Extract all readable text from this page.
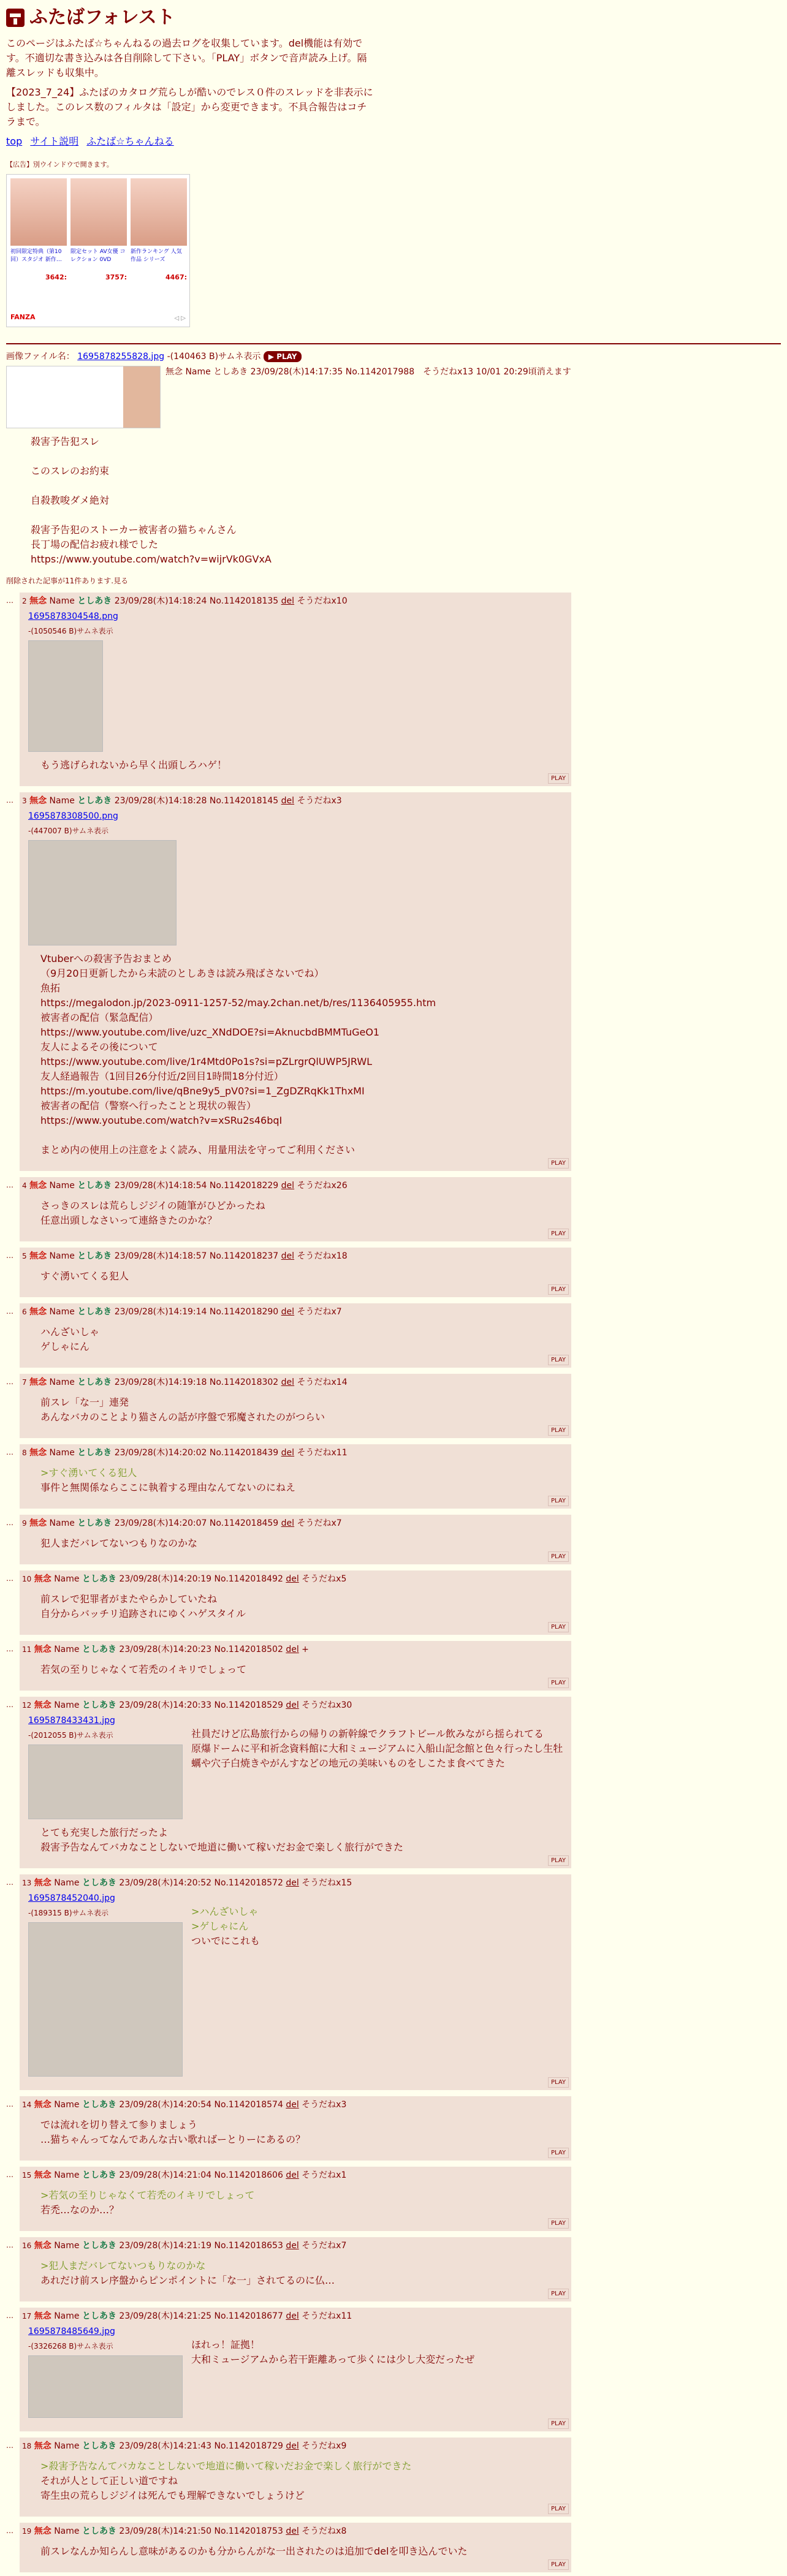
ふたばフォレスト

このページはふたば☆ちゃんねるの過去ログを収集しています。del機能は有効です。不適切な書き込みは各自削除して下さい。「PLAY」ボタンで音声読み上げ。隔離スレッドも収集中。

【2023_7_24】ふたばのカタログ荒らしが酷いのでレス０件のスレッドを非表示にしました。このレス数のフィルタは「設定」から変更できます。不具合報告はコチラまで。

top サイト説明 ふたば☆ちゃんねる
【広告】別ウインドウで開きます。
初回限定特典（第10回）スタジオ 新作…
3642:
限定セット AV女優 コレクション 0VD
3757:
新作ランキング 人気作品 シリーズ
4467:
FANZA	◁ ▷
画像ファイル名： 1695878255828.jpg -(140463 B)サムネ表示 ▶ PLAY
無念 Name としあき 23/09/28(木)14:17:35 No.1142017988　そうだねx13 10/01 20:29頃消えます
殺害予告犯スレ

このスレのお約束

自殺教唆ダメ絶対

殺害予告犯のストーカー被害者の猫ちゃんさん
長丁場の配信お疲れ様でした
https://www.youtube.com/watch?v=wijrVk0GVxA
削除された記事が11件あります.見る
…	2 無念 Name としあき 23/09/28(木)14:18:24 No.1142018135 del そうだねx10
1695878304548.png
-(1050546 B)サムネ表示
もう逃げられないから早く出頭しろハゲ！
PLAY
…	3 無念 Name としあき 23/09/28(木)14:18:28 No.1142018145 del そうだねx3
1695878308500.png
-(447007 B)サムネ表示
Vtuberへの殺害予告おまとめ
（9月20日更新したから未読のとしあきは読み飛ばさないでね）
魚拓
https://megalodon.jp/2023-0911-1257-52/may.2chan.net/b/res/1136405955.htm
被害者の配信（緊急配信）
https://www.youtube.com/live/uzc_XNdDOE?si=AknucbdBMMTuGeO1
友人によるその後について
https://www.youtube.com/live/1r4Mtd0Po1s?si=pZLrgrQlUWP5JRWL
友人経過報告（1回目26分付近/2回目1時間18分付近）
https://m.youtube.com/live/qBne9y5_pV0?si=1_ZgDZRqKk1ThxMI
被害者の配信（警察へ行ったことと現状の報告）
https://www.youtube.com/watch?v=xSRu2s46bqI

まとめ内の使用上の注意をよく読み、用量用法を守ってご利用ください
PLAY
…	4 無念 Name としあき 23/09/28(木)14:18:54 No.1142018229 del そうだねx26
さっきのスレは荒らしジジイの随筆がひどかったね
任意出頭しなさいって連絡きたのかな？
PLAY
…	5 無念 Name としあき 23/09/28(木)14:18:57 No.1142018237 del そうだねx18
すぐ湧いてくる犯人
PLAY
…	6 無念 Name としあき 23/09/28(木)14:19:14 No.1142018290 del そうだねx7
ハんざいしゃ
ゲしゃにん
PLAY
…	7 無念 Name としあき 23/09/28(木)14:19:18 No.1142018302 del そうだねx14
前スレ「な一」連発
あんなバカのことより猫さんの話が序盤で邪魔されたのがつらい
PLAY
…	8 無念 Name としあき 23/09/28(木)14:20:02 No.1142018439 del そうだねx11
>すぐ湧いてくる犯人
事件と無関係ならここに執着する理由なんてないのにねえ
PLAY
…	9 無念 Name としあき 23/09/28(木)14:20:07 No.1142018459 del そうだねx7
犯人まだバレてないつもりなのかな
PLAY
…	10 無念 Name としあき 23/09/28(木)14:20:19 No.1142018492 del そうだねx5
前スレで犯罪者がまたやらかしていたね
自分からバッチリ追跡されにゆくハゲスタイル
PLAY
…	11 無念 Name としあき 23/09/28(木)14:20:23 No.1142018502 del +
若気の至りじゃなくて若禿のイキリでしょって
PLAY
…	12 無念 Name としあき 23/09/28(木)14:20:33 No.1142018529 del そうだねx30
1695878433431.jpg
-(2012055 B)サムネ表示	社員だけど広島旅行からの帰りの新幹線でクラフトビール飲みながら揺られてる
原爆ドームに平和祈念資料館に大和ミュージアムに入船山記念館と色々行ったし生牡蠣や穴子白焼きやがんすなどの地元の美味いものをしこたま食べてきた
とても充実した旅行だったよ
殺害予告なんてバカなことしないで地道に働いて稼いだお金で楽しく旅行ができた
PLAY
…	13 無念 Name としあき 23/09/28(木)14:20:52 No.1142018572 del そうだねx15
1695878452040.jpg
-(189315 B)サムネ表示	>ハんざいしゃ
>ゲしゃにん
ついでにこれも
PLAY
…	14 無念 Name としあき 23/09/28(木)14:20:54 No.1142018574 del そうだねx3
では流れを切り替えて参りましょう
…猫ちゃんってなんであんな古い歌ればーとりーにあるの？
PLAY
…	15 無念 Name としあき 23/09/28(木)14:21:04 No.1142018606 del そうだねx1
>若気の至りじゃなくて若禿のイキリでしょって
若禿…なのか…？
PLAY
…	16 無念 Name としあき 23/09/28(木)14:21:19 No.1142018653 del そうだねx7
>犯人まだバレてないつもりなのかな
あれだけ前スレ序盤からピンポイントに「な一」されてるのに仏…
PLAY
…	17 無念 Name としあき 23/09/28(木)14:21:25 No.1142018677 del そうだねx11
1695878485649.jpg
-(3326268 B)サムネ表示	ほれっ！証拠！
大和ミュージアムから若干距離あって歩くには少し大変だったぜ
PLAY
…	18 無念 Name としあき 23/09/28(木)14:21:43 No.1142018729 del そうだねx9
>殺害予告なんてバカなことしないで地道に働いて稼いだお金で楽しく旅行ができた
それが人として正しい道ですね
寄生虫の荒らしジジイは死んでも理解できないでしょうけど
PLAY
…	19 無念 Name としあき 23/09/28(木)14:21:50 No.1142018753 del そうだねx8
前スレなんか知らんし意味があるのかも分からんがな一出されたのは追加でdelを叩き込んでいた
PLAY
